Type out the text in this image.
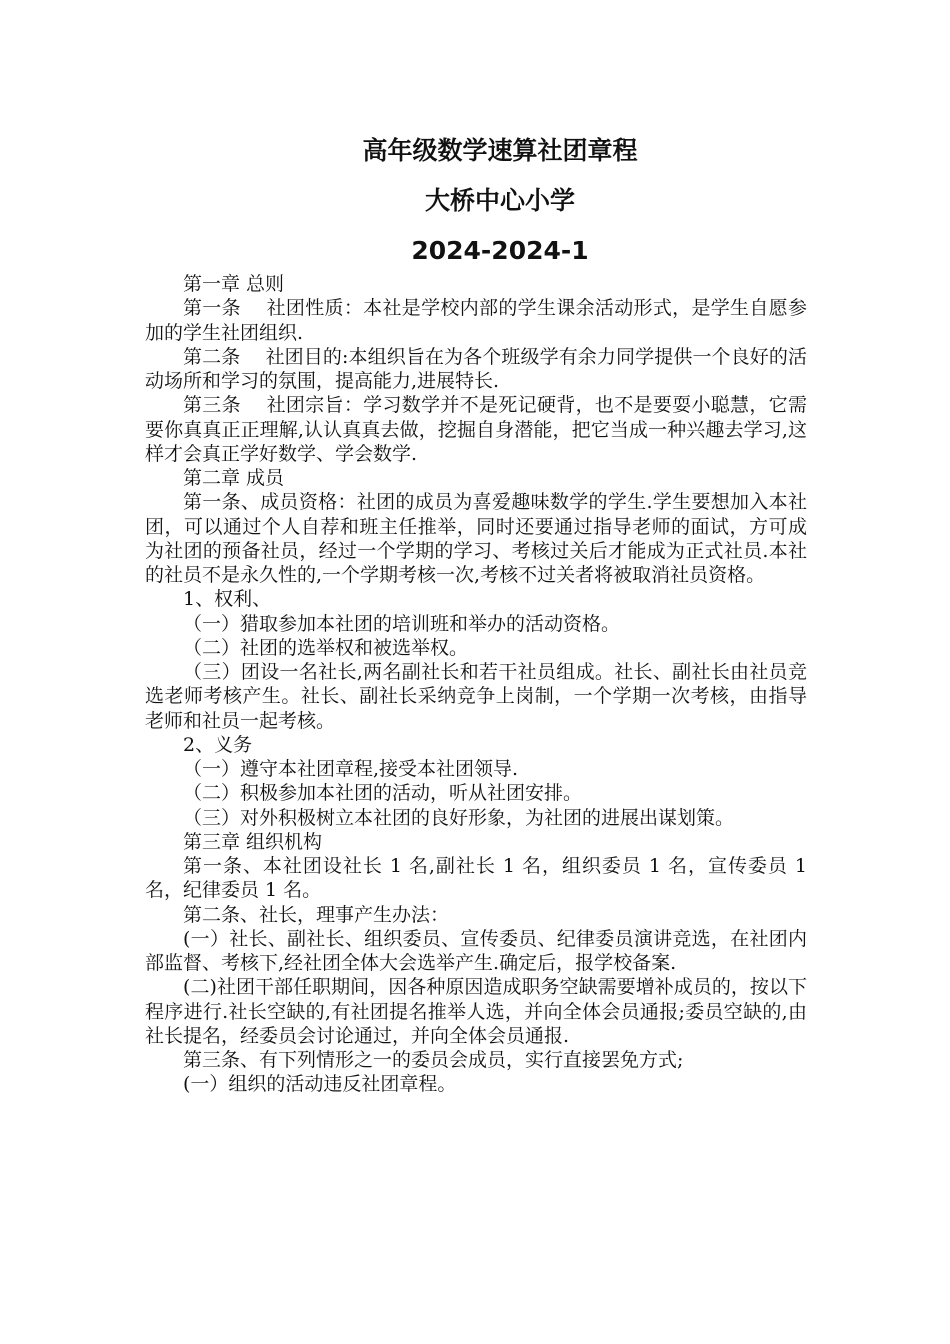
高年级数学速算社团章程
大桥中心小学
2024-2024-1

第一章 总则

第一条　 社团性质：本社是学校内部的学生课余活动形式，是学生自愿参加的学生社团组织.

第二条　 社团目的:本组织旨在为各个班级学有余力同学提供一个良好的活动场所和学习的氛围，提高能力,进展特长.

第三条　 社团宗旨：学习数学并不是死记硬背，也不是要耍小聪慧，它需要你真真正正理解,认认真真去做，挖掘自身潜能，把它当成一种兴趣去学习,这样才会真正学好数学、学会数学.

第二章 成员

第一条、成员资格：社团的成员为喜爱趣味数学的学生.学生要想加入本社团，可以通过个人自荐和班主任推举，同时还要通过指导老师的面试，方可成为社团的预备社员，经过一个学期的学习、考核过关后才能成为正式社员.本社的社员不是永久性的,一个学期考核一次,考核不过关者将被取消社员资格。

1、权利、

（一）猎取参加本社团的培训班和举办的活动资格。

（二）社团的选举权和被选举权。

（三）团设一名社长,两名副社长和若干社员组成。社长、副社长由社员竞选老师考核产生。社长、副社长采纳竞争上岗制，一个学期一次考核，由指导老师和社员一起考核。

2、义务

（一）遵守本社团章程,接受本社团领导.

（二）积极参加本社团的活动，听从社团安排。

（三）对外积极树立本社团的良好形象，为社团的进展出谋划策。

第三章 组织机构

第一条、本社团设社长 1 名,副社长 1 名，组织委员 1 名，宣传委员 1 名，纪律委员 1 名。

第二条、社长，理事产生办法：

(一）社长、副社长、组织委员、宣传委员、纪律委员演讲竞选，在社团内部监督、考核下,经社团全体大会选举产生.确定后，报学校备案.

(二)社团干部任职期间，因各种原因造成职务空缺需要增补成员的，按以下程序进行.社长空缺的,有社团提名推举人选，并向全体会员通报;委员空缺的,由社长提名，经委员会讨论通过，并向全体会员通报.

第三条、有下列情形之一的委员会成员，实行直接罢免方式;

(一）组织的活动违反社团章程。
